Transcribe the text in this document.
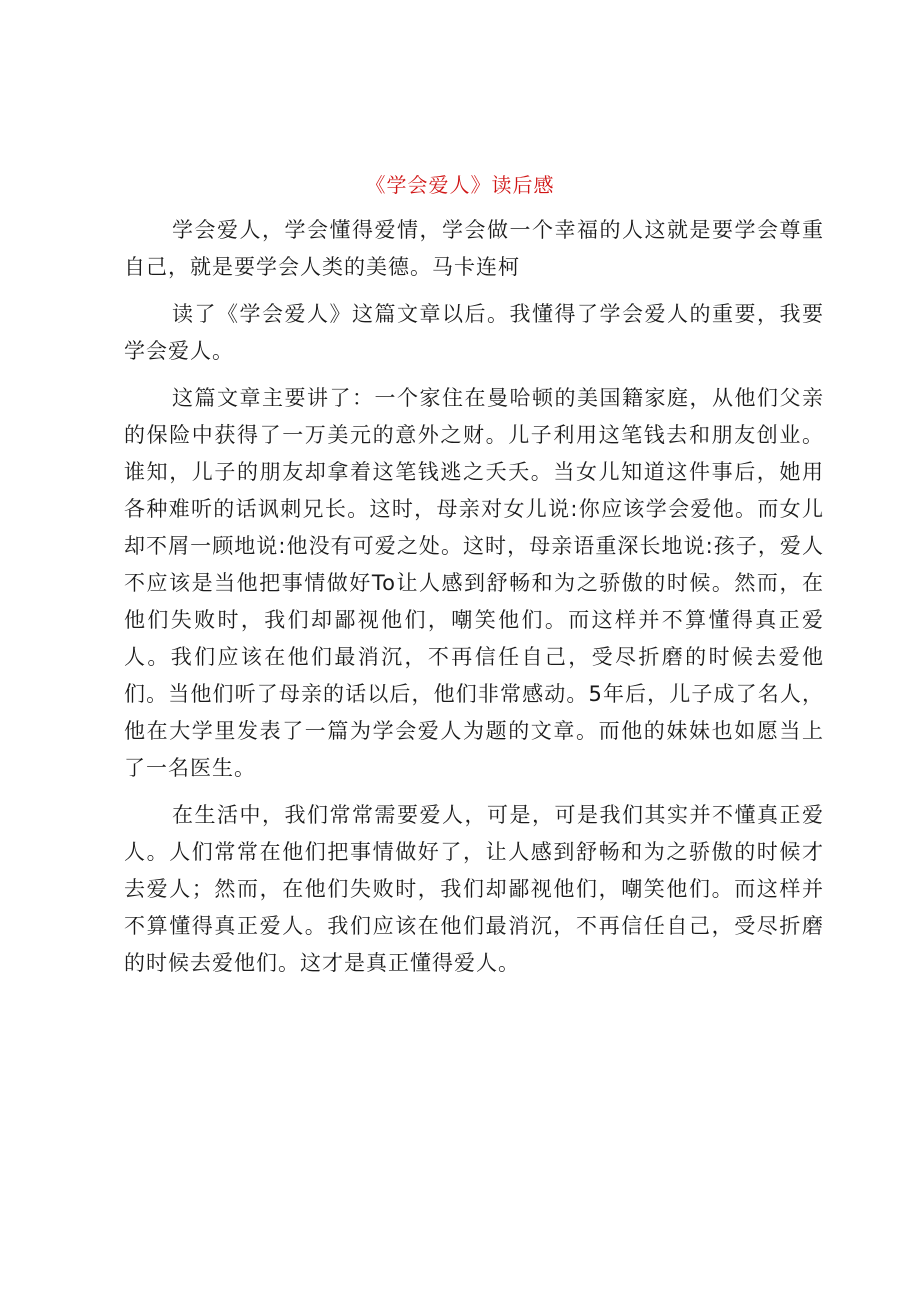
《学会爱人》读后感

学会爱人，学会懂得爱情，学会做一个幸福的人这就是要学会尊重自己，就是要学会人类的美德。马卡连柯

读了《学会爱人》这篇文章以后。我懂得了学会爱人的重要，我要学会爱人。

这篇文章主要讲了：一个家住在曼哈顿的美国籍家庭，从他们父亲的保险中获得了一万美元的意外之财。儿子利用这笔钱去和朋友创业。谁知，儿子的朋友却拿着这笔钱逃之夭夭。当女儿知道这件事后，她用各种难听的话讽刺兄长。这时，母亲对女儿说:你应该学会爱他。而女儿却不屑一顾地说:他没有可爱之处。这时，母亲语重深长地说:孩子，爱人不应该是当他把事情做好To让人感到舒畅和为之骄傲的时候。然而，在他们失败时，我们却鄙视他们，嘲笑他们。而这样并不算懂得真正爱人。我们应该在他们最消沉，不再信任自己，受尽折磨的时候去爱他们。当他们听了母亲的话以后，他们非常感动。5年后，儿子成了名人，他在大学里发表了一篇为学会爱人为题的文章。而他的妹妹也如愿当上了一名医生。

在生活中，我们常常需要爱人，可是，可是我们其实并不懂真正爱人。人们常常在他们把事情做好了，让人感到舒畅和为之骄傲的时候才去爱人；然而，在他们失败时，我们却鄙视他们，嘲笑他们。而这样并不算懂得真正爱人。我们应该在他们最消沉，不再信任自己，受尽折磨的时候去爱他们。这才是真正懂得爱人。
